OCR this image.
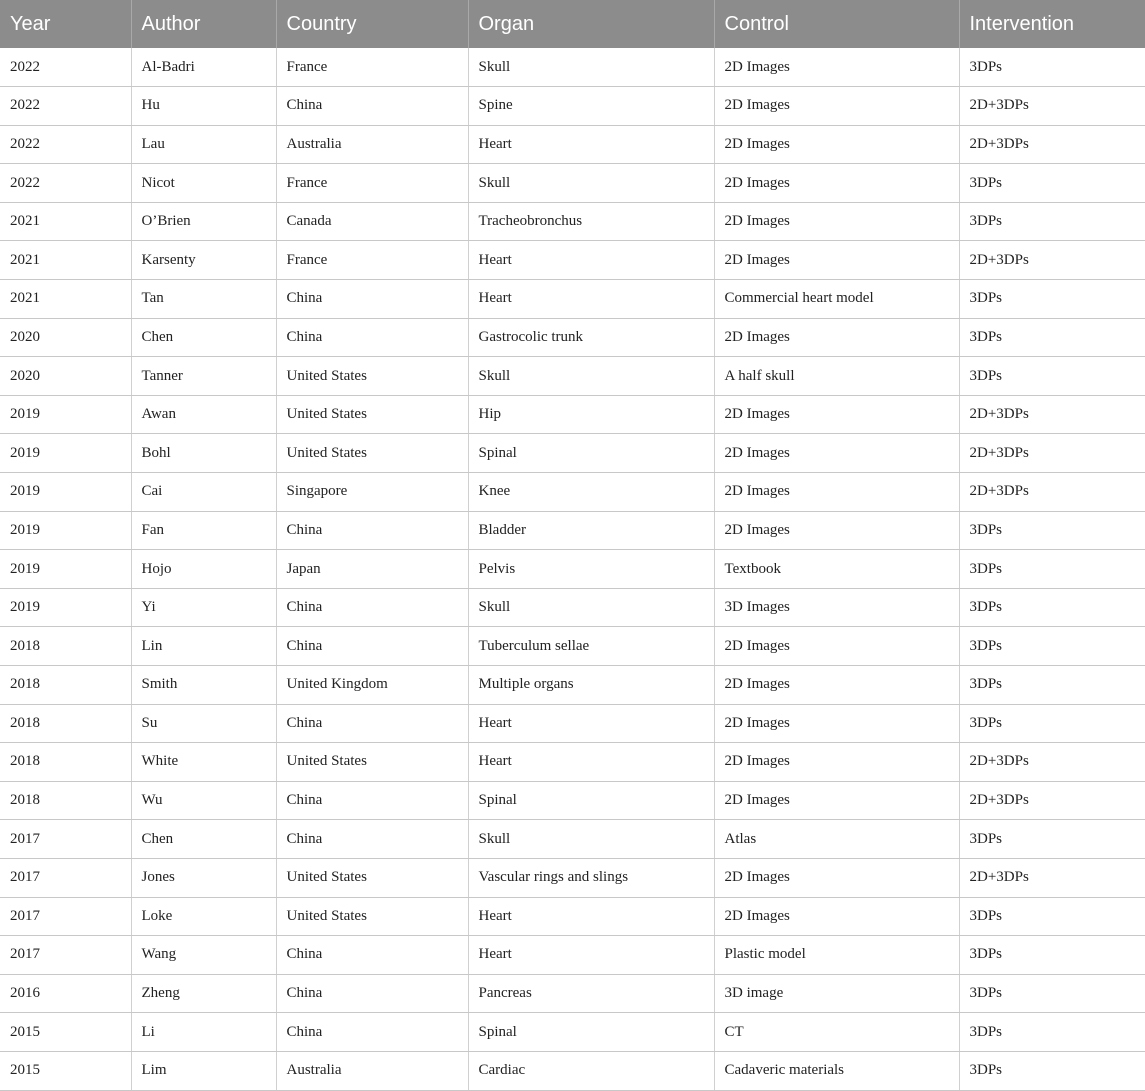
Year	Author	Country	Organ	Control	Intervention
2022	Al-Badri	France	Skull	2D Images	3DPs
2022	Hu	China	Spine	2D Images	2D+3DPs
2022	Lau	Australia	Heart	2D Images	2D+3DPs
2022	Nicot	France	Skull	2D Images	3DPs
2021	O’Brien	Canada	Tracheobronchus	2D Images	3DPs
2021	Karsenty	France	Heart	2D Images	2D+3DPs
2021	Tan	China	Heart	Commercial heart model	3DPs
2020	Chen	China	Gastrocolic trunk	2D Images	3DPs
2020	Tanner	United States	Skull	A half skull	3DPs
2019	Awan	United States	Hip	2D Images	2D+3DPs
2019	Bohl	United States	Spinal	2D Images	2D+3DPs
2019	Cai	Singapore	Knee	2D Images	2D+3DPs
2019	Fan	China	Bladder	2D Images	3DPs
2019	Hojo	Japan	Pelvis	Textbook	3DPs
2019	Yi	China	Skull	3D Images	3DPs
2018	Lin	China	Tuberculum sellae	2D Images	3DPs
2018	Smith	United Kingdom	Multiple organs	2D Images	3DPs
2018	Su	China	Heart	2D Images	3DPs
2018	White	United States	Heart	2D Images	2D+3DPs
2018	Wu	China	Spinal	2D Images	2D+3DPs
2017	Chen	China	Skull	Atlas	3DPs
2017	Jones	United States	Vascular rings and slings	2D Images	2D+3DPs
2017	Loke	United States	Heart	2D Images	3DPs
2017	Wang	China	Heart	Plastic model	3DPs
2016	Zheng	China	Pancreas	3D image	3DPs
2015	Li	China	Spinal	CT	3DPs
2015	Lim	Australia	Cardiac	Cadaveric materials	3DPs
